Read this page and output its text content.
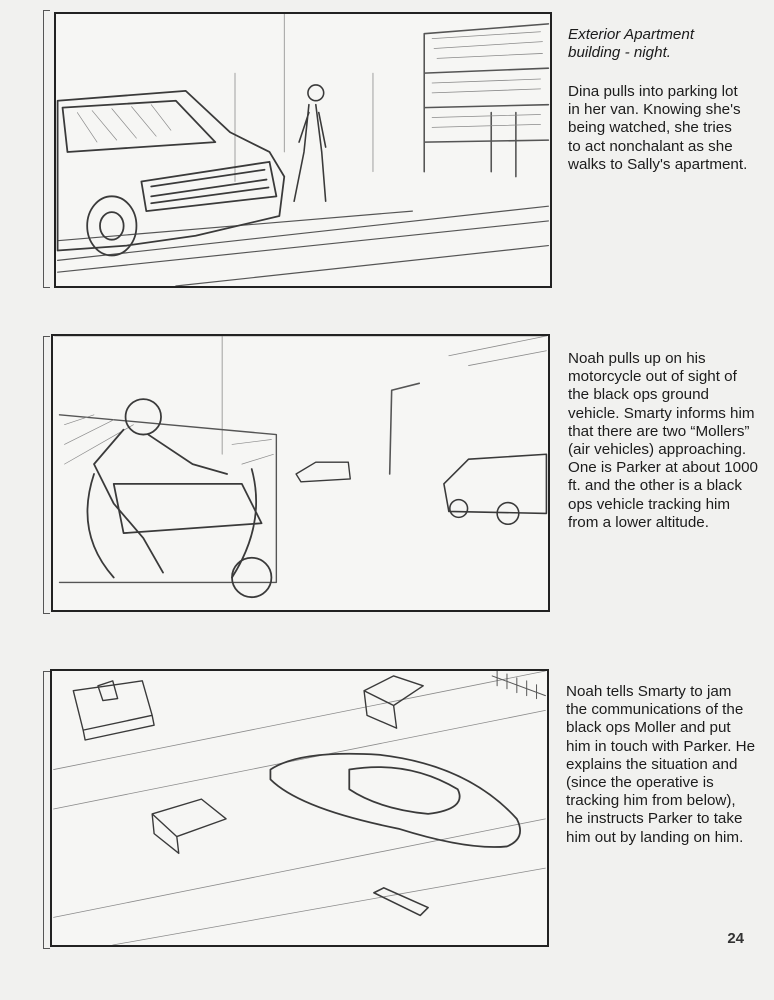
Exterior Apartment building - night.
Dina pulls into parking lot in her van. Knowing she's being watched, she tries to act nonchalant as she walks to Sally's apartment.
Noah pulls up on his motorcycle out of sight of the black ops ground vehicle. Smarty informs him that there are two “Mollers” (air vehicles) approaching. One is Parker at about 1000 ft. and the other is a black ops vehicle tracking him from a lower altitude.
Noah tells Smarty to jam the communications of the black ops Moller and put him in touch with Parker. He explains the situation and (since the operative is tracking him from below), he instructs Parker to take him out by landing on him.
24
